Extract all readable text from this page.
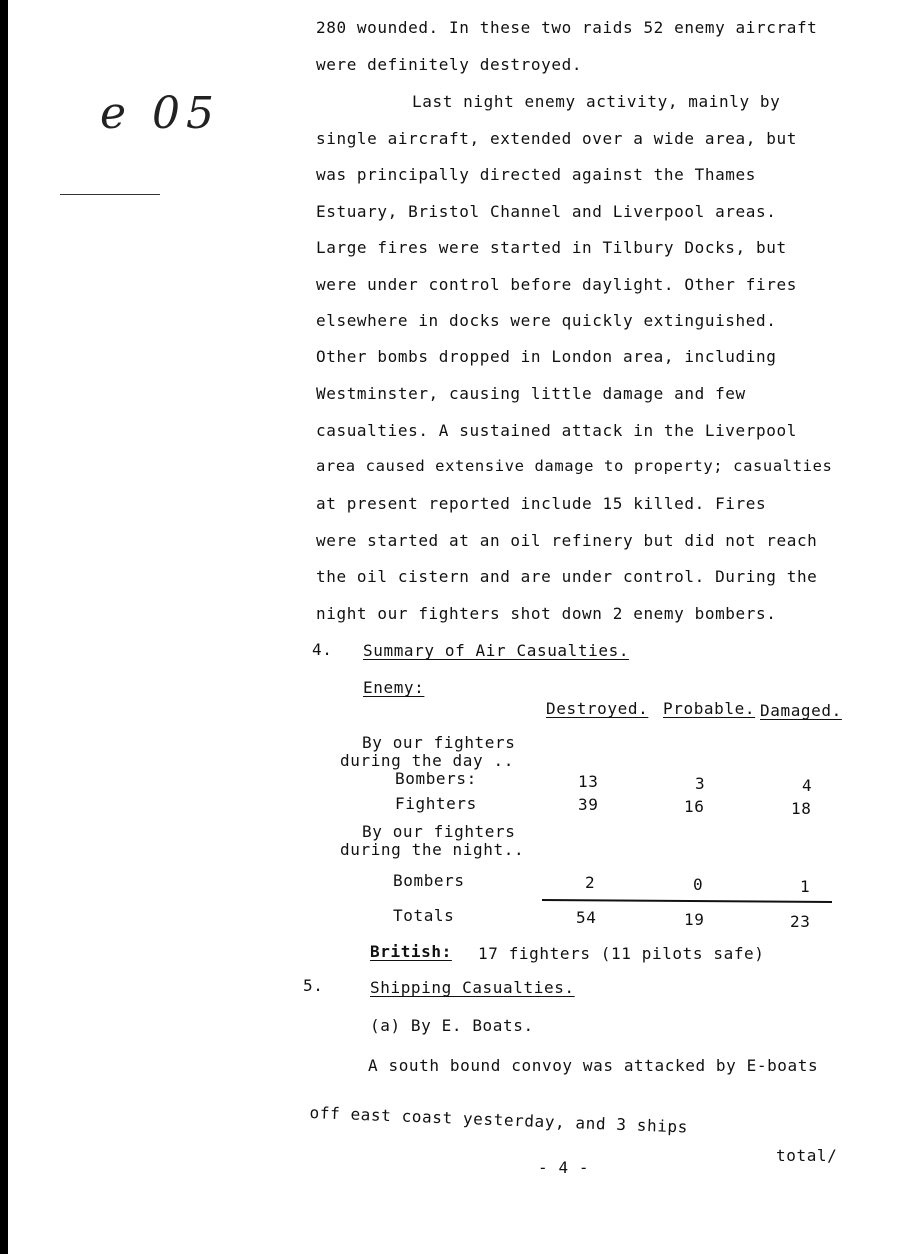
e 05
280 wounded. In these two raids 52 enemy aircraft
were definitely destroyed.
Last night enemy activity, mainly by
single aircraft, extended over a wide area, but
was principally directed against the Thames
Estuary, Bristol Channel and Liverpool areas.
Large fires were started in Tilbury Docks, but
were under control before daylight. Other fires
elsewhere in docks were quickly extinguished.
Other bombs dropped in London area, including
Westminster, causing little damage and few
casualties. A sustained attack in the Liverpool
area caused extensive damage to property; casualties
at present reported include 15 killed. Fires
were started at an oil refinery but did not reach
the oil cistern and are under control. During the
night our fighters shot down 2 enemy bombers.
4. Summary of Air Casualties.
Enemy:
Destroyed. Probable. Damaged.
By our fighters
during the day ..
Bombers:	13	3	4
Fighters	39	16	18
By our fighters
during the night..
Bombers	2	0	1
Totals	54	19	23
British: 17 fighters (11 pilots safe)
5.	Shipping Casualties.
(a) By E. Boats.
A south bound convoy was attacked by E-boats
off east coast yesterday, and 3 ships
- 4 -
total/
